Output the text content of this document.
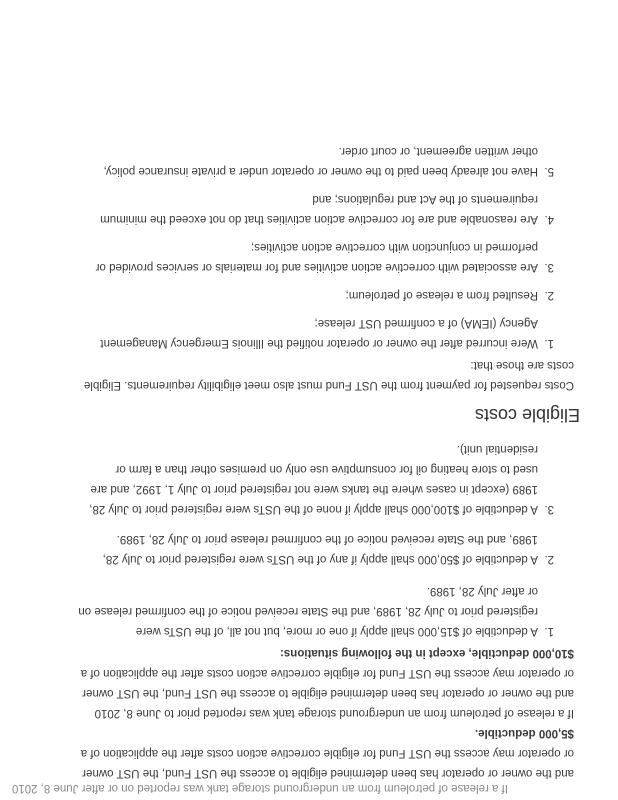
If a release of petroleum from an underground storage tank was reported on or after June 8, 2010
and the owner or operator has been determined eligible to access the UST Fund, the UST owner
or operator may access the UST Fund for eligible corrective action costs after the application of a
$5,000 deductible.
If a release of petroleum from an underground storage tank was reported prior to June 8, 2010
and the owner or operator has been determined eligible to access the UST Fund, the UST owner
or operator may access the UST Fund for eligible corrective action costs after the application of a
$10,000 deductible, except in the following situations:
1.
A deductible of $15,000 shall apply if one or more, but not all, of the USTs were
registered prior to July 28, 1989, and the State received notice of the confirmed release on
or after July 28, 1989.
2.
A deductible of $50,000 shall apply if any of the USTs were registered prior to July 28,
1989, and the State received notice of the confirmed release prior to July 28, 1989.
3.
A deductible of $100,000 shall apply if none of the USTs were registered prior to July 28,
1989 (except in cases where the tanks were not registered prior to July 1, 1992, and are
used to store heating oil for consumptive use only on premises other than a farm or
residential unit).
Eligible costs
Costs requested for payment from the UST Fund must also meet eligibility requirements. Eligible
costs are those that:
1.
Were incurred after the owner or operator notified the Illinois Emergency Management
Agency (IEMA) of a confirmed UST release;
2.
Resulted from a release of petroleum;
3.
Are associated with corrective action activities and for materials or services provided or
performed in conjunction with corrective action activities;
4.
Are reasonable and are for corrective action activities that do not exceed the minimum
requirements of the Act and regulations; and
5.
Have not already been paid to the owner or operator under a private insurance policy,
other written agreement, or court order.
